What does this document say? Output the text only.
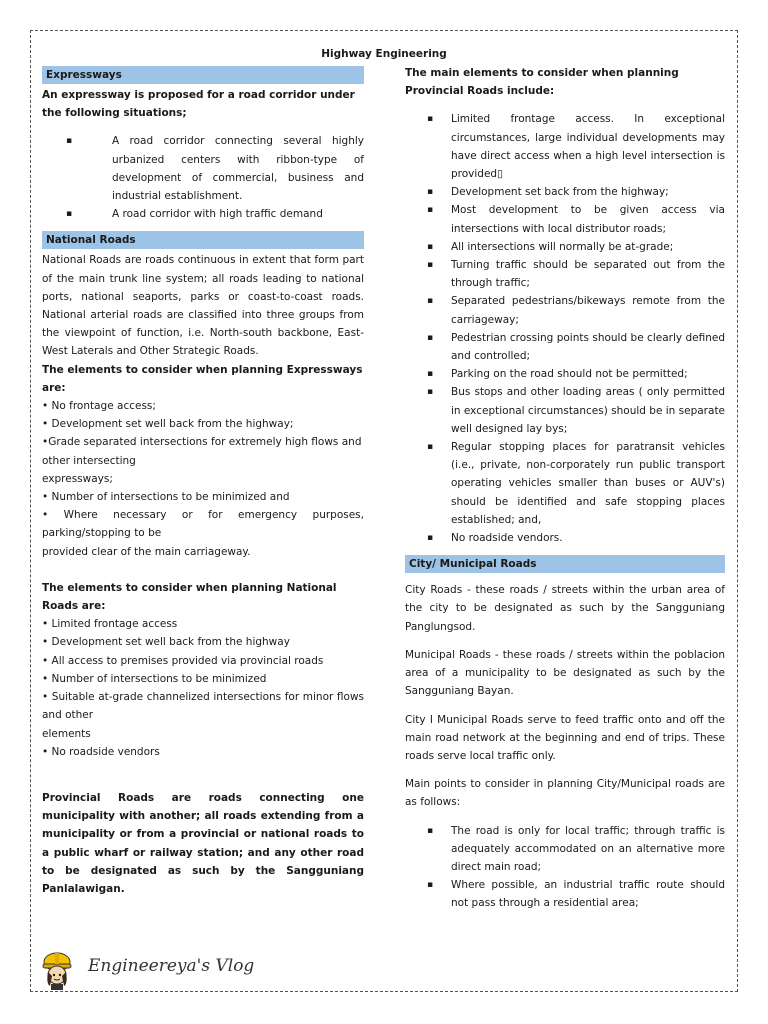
Highway Engineering
Expressways

An expressway is proposed for a road corridor under the following situations;

▪ A road corridor connecting several highly urbanized centers with ribbon-type of development of commercial, business and industrial establishment.
▪ A road corridor with high traffic demand
National Roads

National Roads are roads continuous in extent that form part of the main trunk line system; all roads leading to national ports, national seaports, parks or coast-to-coast roads. National arterial roads are classified into three groups from the viewpoint of function, i.e. North-south backbone, East-West Laterals and Other Strategic Roads.

The elements to consider when planning Expressways are:

• No frontage access;

• Development set well back from the highway;

•Grade separated intersections for extremely high flows and other intersecting

expressways;

• Number of intersections to be minimized and

• Where necessary or for emergency purposes, parking/stopping to be

provided clear of the main carriageway.

The elements to consider when planning National Roads are:

• Limited frontage access

• Development set well back from the highway

• All access to premises provided via provincial roads

• Number of intersections to be minimized

• Suitable at-grade channelized intersections for minor flows and other

elements

• No roadside vendors

Provincial Roads are roads connecting one municipality with another; all roads extending from a municipality or from a provincial or national roads to a public wharf or railway station; and any other road to be designated as such by the Sangguniang Panlalawigan.

The main elements to consider when planning Provincial Roads include:

▪ Limited frontage access. In exceptional circumstances, large individual developments may have direct access when a high level intersection is provided▯
▪ Development set back from the highway;
▪ Most development to be given access via intersections with local distributor roads;
▪ All intersections will normally be at-grade;
▪ Turning traffic should be separated out from the through traffic;
▪ Separated pedestrians/bikeways remote from the carriageway;
▪ Pedestrian crossing points should be clearly defined and controlled;
▪ Parking on the road should not be permitted;
▪ Bus stops and other loading areas ( only permitted in exceptional circumstances) should be in separate well designed lay bys;
▪ Regular stopping places for paratransit vehicles (i.e., private, non-corporately run public transport operating vehicles smaller than buses or AUV's) should be identified and safe stopping places established; and,
▪ No roadside vendors.
City/ Municipal Roads

City Roads - these roads / streets within the urban area of the city to be designated as such by the Sangguniang Panglungsod.

Municipal Roads - these roads / streets within the poblacion area of a municipality to be designated as such by the Sangguniang Bayan.

City I Municipal Roads serve to feed traffic onto and off the main road network at the beginning and end of trips. These roads serve local traffic only.

Main points to consider in planning City/Municipal roads are as follows:

▪ The road is only for local traffic; through traffic is adequately accommodated on an alternative more direct main road;
▪ Where possible, an industrial traffic route should not pass through a residential area;
Engineereya's Vlog
